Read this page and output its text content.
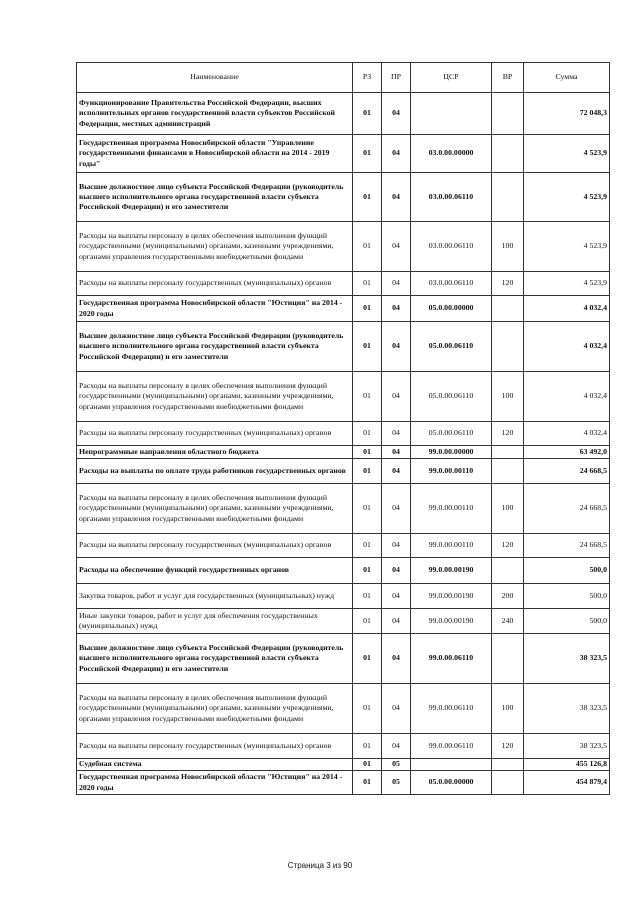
Наименование	РЗ	ПР	ЦСР	ВР	Сумма
Функционирование Правительства Российской Федерации, высших исполнительных органов государственной власти субъектов Российской Федерации, местных администраций	01	04			72 048,3
Государственная программа Новосибирской области "Управление государственными финансами в Новосибирской области на 2014 - 2019 годы"	01	04	03.0.00.00000		4 523,9
Высшее должностное лицо субъекта Российской Федерации (руководитель высшего исполнительного органа государственной власти субъекта Российской Федерации) и его заместители	01	04	03.0.00.06110		4 523,9
Расходы на выплаты персоналу в целях обеспечения выполнения функций государственными (муниципальными) органами, казенными учреждениями, органами управления государственными внебюджетными фондами	01	04	03.0.00.06110	100	4 523,9
Расходы на выплаты персоналу государственных (муниципальных) органов	01	04	03.0.00.06110	120	4 523,9
Государственная программа Новосибирской области "Юстиция" на 2014 - 2020 годы	01	04	05.0.00.00000		4 032,4
Высшее должностное лицо субъекта Российской Федерации (руководитель высшего исполнительного органа государственной власти субъекта Российской Федерации) и его заместители	01	04	05.0.00.06110		4 032,4
Расходы на выплаты персоналу в целях обеспечения выполнения функций государственными (муниципальными) органами, казенными учреждениями, органами управления государственными внебюджетными фондами	01	04	05.0.00.06110	100	4 032,4
Расходы на выплаты персоналу государственных (муниципальных) органов	01	04	05.0.00.06110	120	4 032,4
Непрограммные направления областного бюджета	01	04	99.0.00.00000		63 492,0
Расходы на выплаты по оплате труда работников государственных органов	01	04	99.0.00.00110		24 668,5
Расходы на выплаты персоналу в целях обеспечения выполнения функций государственными (муниципальными) органами, казенными учреждениями, органами управления государственными внебюджетными фондами	01	04	99.0.00.00110	100	24 668,5
Расходы на выплаты персоналу государственных (муниципальных) органов	01	04	99.0.00.00110	120	24 668,5
Расходы на обеспечение функций государственных органов	01	04	99.0.00.00190		500,0
Закупка товаров, работ и услуг для государственных (муниципальных) нужд	01	04	99.0.00.00190	200	500,0
Иные закупки товаров, работ и услуг для обеспечения государственных (муниципальных) нужд	01	04	99.0.00.00190	240	500,0
Высшее должностное лицо субъекта Российской Федерации (руководитель высшего исполнительного органа государственной власти субъекта Российской Федерации) и его заместители	01	04	99.0.00.06110		38 323,5
Расходы на выплаты персоналу в целях обеспечения выполнения функций государственными (муниципальными) органами, казенными учреждениями, органами управления государственными внебюджетными фондами	01	04	99.0.00.06110	100	38 323,5
Расходы на выплаты персоналу государственных (муниципальных) органов	01	04	99.0.00.06110	120	38 323,5
Судебная система	01	05			455 126,8
Государственная программа Новосибирской области "Юстиция" на 2014 - 2020 годы	01	05	05.0.00.00000		454 879,4
Страница 3 из 90
